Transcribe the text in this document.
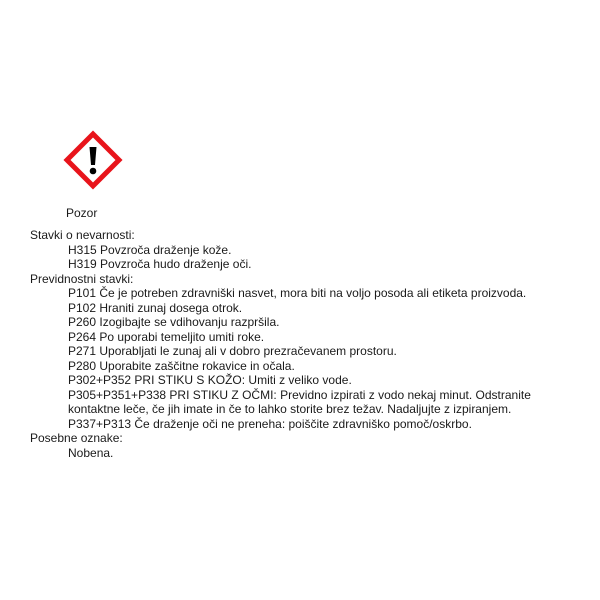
Pozor
Stavki o nevarnosti:
H315 Povzroča draženje kože.
H319 Povzroča hudo draženje oči.
Previdnostni stavki:
P101 Če je potreben zdravniški nasvet, mora biti na voljo posoda ali etiketa proizvoda.
P102 Hraniti zunaj dosega otrok.
P260 Izogibajte se vdihovanju razpršila.
P264 Po uporabi temeljito umiti roke.
P271 Uporabljati le zunaj ali v dobro prezračevanem prostoru.
P280 Uporabite zaščitne rokavice in očala.
P302+P352 PRI STIKU S KOŽO: Umiti z veliko vode.
P305+P351+P338 PRI STIKU Z OČMI: Previdno izpirati z vodo nekaj minut. Odstranite
kontaktne leče, če jih imate in če to lahko storite brez težav. Nadaljujte z izpiranjem.
P337+P313 Če draženje oči ne preneha: poiščite zdravniško pomoč/oskrbo.
Posebne oznake:
Nobena.
